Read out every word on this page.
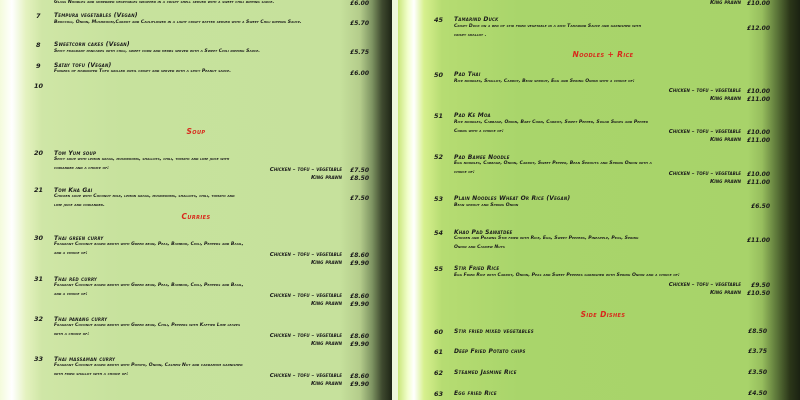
Glass Noodles and shredded vegetables wrapped in a crispy shell served with a sweet chili dipping sauce.	£6.00
7 Tempura vegetables (Vegan)
Broccoli, Onion, Mushroom,Carrot and Cauliflower in a light crispy batter served with a Sweet Chili dipping Sauce.	£5.70
8 Sweetcorn cakes (Vegan)
Spicy fragrant pancakes with chili, sweet corn and herbs served with a Sweet Chili dipping Sauce.	£5.75
9 Satay tofu (Vegan)
Fingers of marinated Tofu grilled until crispy and served with a spicy Peanut sauce.	£6.00
10
Soup
20 Tom Yum soup
Spicy soup with lemon grass, mushrooms, shallots, chili, tomato and lime juice with coriander and a choice of:	Chicken – tofu – vegetable	£7.50
King prawn	£8.50
21 Tom Kha Gai
Chicken soup with Coconut milk, lemon grass, mushrooms, shallots, chili, tomato and lime juice and coriander.
£7.50
Curries
30 Thai green curry
Fragrant Coconut based broth with Green bean, Peas, Bamboo, Chili, Peppers and Basil, and a choice of:	Chicken – tofu – vegetable	£8.60
King prawn	£9.90
31 Thai red curry
Fragrant Coconut based broth with Green bean, Peas, Bamboo, Chili, Peppers and Basil, and a choice of:	Chicken – tofu – vegetable	£8.60
King prawn	£9.90
32 Thai panang curry
Fragrant Coconut based broth with Green bean, Chili, Peppers with Kaffier Lime leaves with a choice of:	Chicken – tofu – vegetable	£8.60
King prawn	£9.90
33 Thai massaman curry
Fragrant Coconut based broth with Potato, Onion, Cashew Nut and cardamom garnished with fried shallot with a choice of:	Chicken – tofu – vegetable	£8.60
King prawn	£9.90
King prawn £10.00
45 Tamarind Duck
Crispy Duck on a bed of stir fried vegetable in a rich Tamarind Sauce and garnished with crispy shallot .
£12.00
Noodles + Rice
50 Pad Thai
Rice noodles, Shallot, Carrot, Bean sprout, Egg and Spring Onion with a choice of:
Chicken – tofu – vegetable £10.00
King prawn £11.00
51 Pad Ke Moa
Rice noodles, Cabbage, Onion, Baby Corn, Carrot, Sweet Pepper, Sugar Snaps and Pepper Corns with a choice of:	Chicken – tofu – vegetable £10.00
King prawn £11.00
52 Pad Bamee Noodle
Egg noodles, Cabbage, Onion, Carrot, Sweet Pepper, Bean Sprouts and Spring Onion with a choice of:	Chicken – tofu – vegetable £10.00
King prawn £11.00
53 Plain Noodles Wheat Or Rice (Vegan)
Bean sprout and Spring Onion	£6.50
54 Khao Pad Sawatdee
Chicken and Prawns Stir fried with Rice, Egg, Sweet Peppers, Pineapple, Peas, Spring Onion and Cashew Nuts
£11.00
55 Stir Fried Rice
Egg Fried Rice with Carrot, Onion, Peas and Sweet Peppers garnished with Spring Onion and a choice of:
Chicken – tofu – vegetable	£9.50
King prawn £10.50
Side Dishes
60 Stir fried mixed vegetables	£8.50
61 Deep Fried Potato chips	£3.75
62 Steamed Jasmine Rice	£3.50
63 Egg fried Rice	£4.50
